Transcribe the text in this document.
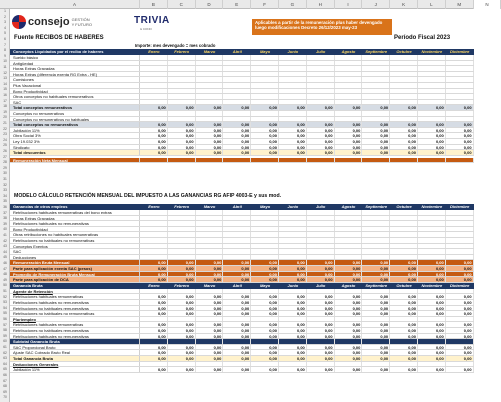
A	B	C	D	E	F	G	H	I	J	K	L	M	N
1
2
3
4
5
6
7
8
9
10
11
12
13
14
15
16
17
18
19
20
21
22
23
24
25
26
27
28
29
30
31
32
33
34
35
36
37
38
39
40
41
42
43
44
45
46
47
48
49
50
51
52
53
54
55
56
57
58
59
60
61
62
63
64
65
66
67
68
69
70
consejo GESTIÓN
Y FUTURO	TRIVIA
& CONO
Aplicables a partir de la remuneración plus haber devengado
luego modificaciones Decreto 26/12/2023 may-23
Fuente RECIBOS DE HABERES	Período Fiscal 2023
Importe: mes devengado = mes cobrado
MODELO CÁLCULO RETENCIÓN MENSUAL DEL IMPUESTO A LAS GANANCIAS RG AFIP 4003-E y sus mod.
Conceptos Liquidados por el recibo de haberes	Enero	Febrero	Marzo	Abril	Mayo	Junio	Julio	Agosto	Septiembre	Octubre	Noviembre	Diciembre
Sueldo básico
Antigüedad
Horas Extras Gravadas
Horas Extras (diferencia exenta RG Extra - HE)
Comisiones
Plus Vacacional
Bono Productividad
Otros conceptos no habituales remunerativos
SAC
Total conceptos remunerativos	0,00	0,00	0,00	0,00	0,00	0,00	0,00	0,00	0,00	0,00	0,00	0,00
Conceptos no remunerativos
Conceptos no remunerativos no habituales
Total conceptos no remunerativos	0,00	0,00	0,00	0,00	0,00	0,00	0,00	0,00	0,00	0,00	0,00	0,00
Jubilación 11%	0,00	0,00	0,00	0,00	0,00	0,00	0,00	0,00	0,00	0,00	0,00	0,00
Obra Social 3%	0,00	0,00	0,00	0,00	0,00	0,00	0,00	0,00	0,00	0,00	0,00	0,00
Ley 19.032 3%	0,00	0,00	0,00	0,00	0,00	0,00	0,00	0,00	0,00	0,00	0,00	0,00
Sindicato	0,00	0,00	0,00	0,00	0,00	0,00	0,00	0,00	0,00	0,00	0,00	0,00
Total descuentos	0,00	0,00	0,00	0,00	0,00	0,00	0,00	0,00	0,00	0,00	0,00	0,00
Remuneración Neta Mensual
Ganancias de otros empleos	Enero	Febrero	Marzo	Abril	Mayo	Junio	Julio	Agosto	Septiembre	Octubre	Noviembre	Diciembre
Retribuciones habituales remunerativas del bono extras
Horas Extras Gravadas
Retribuciones habituales no remunerativas
Bono Productividad
Otras retribuciones no habituales remunerativas
Retribuciones no habituales no remunerativas
Conceptos Exentos
SAC
Deducciones
Remuneración Bruta Mensual	0,00	0,00	0,00	0,00	0,00	0,00	0,00	0,00	0,00	0,00	0,00	0,00
Parte para aplicación exenta SAC (pesos)	0,00	0,00	0,00	0,00	0,00	0,00	0,00	0,00	0,00	0,00	0,00	0,00
Promedio de Remuneración Bruta Mensual	0,00	0,00	0,00	0,00	0,00	0,00	0,00	0,00	0,00	0,00	0,00	0,00
Parte para aplicación de DCA	0,00	0,00	0,00	0,00	0,00	0,00	0,00	0,00	0,00	0,00	0,00	0,00
Ganancia Bruta	Enero	Febrero	Marzo	Abril	Mayo	Junio	Julio	Agosto	Septiembre	Octubre	Noviembre	Diciembre
Agente de Retención
Retribuciones habituales remunerativas	0,00	0,00	0,00	0,00	0,00	0,00	0,00	0,00	0,00	0,00	0,00	0,00
Retribuciones habituales no remunerativas	0,00	0,00	0,00	0,00	0,00	0,00	0,00	0,00	0,00	0,00	0,00	0,00
Retribuciones no habituales remunerativas	0,00	0,00	0,00	0,00	0,00	0,00	0,00	0,00	0,00	0,00	0,00	0,00
Retribuciones no habituales no remunerativas	0,00	0,00	0,00	0,00	0,00	0,00	0,00	0,00	0,00	0,00	0,00	0,00
Pluriempleo
Retribuciones habituales remunerativas	0,00	0,00	0,00	0,00	0,00	0,00	0,00	0,00	0,00	0,00	0,00	0,00
Retribuciones no habituales remunerativas	0,00	0,00	0,00	0,00	0,00	0,00	0,00	0,00	0,00	0,00	0,00	0,00
Retribuciones habituales no remunerativas	0,00	0,00	0,00	0,00	0,00	0,00	0,00	0,00	0,00	0,00	0,00	0,00
Subtotal Ganancia Bruta
SAC Proporcional Bruto	0,00	0,00	0,00	0,00	0,00	0,00	0,00	0,00	0,00	0,00	0,00	0,00
Ajuste SAC Cobrado Bruto Real	0,00	0,00	0,00	0,00	0,00	0,00	0,00	0,00	0,00	0,00	0,00	0,00
Total Ganancia Bruta	0,00	0,00	0,00	0,00	0,00	0,00	0,00	0,00	0,00	0,00	0,00	0,00
Deducciones Generales
Jubilación 11%	0,00	0,00	0,00	0,00	0,00	0,00	0,00	0,00	0,00	0,00	0,00	0,00
